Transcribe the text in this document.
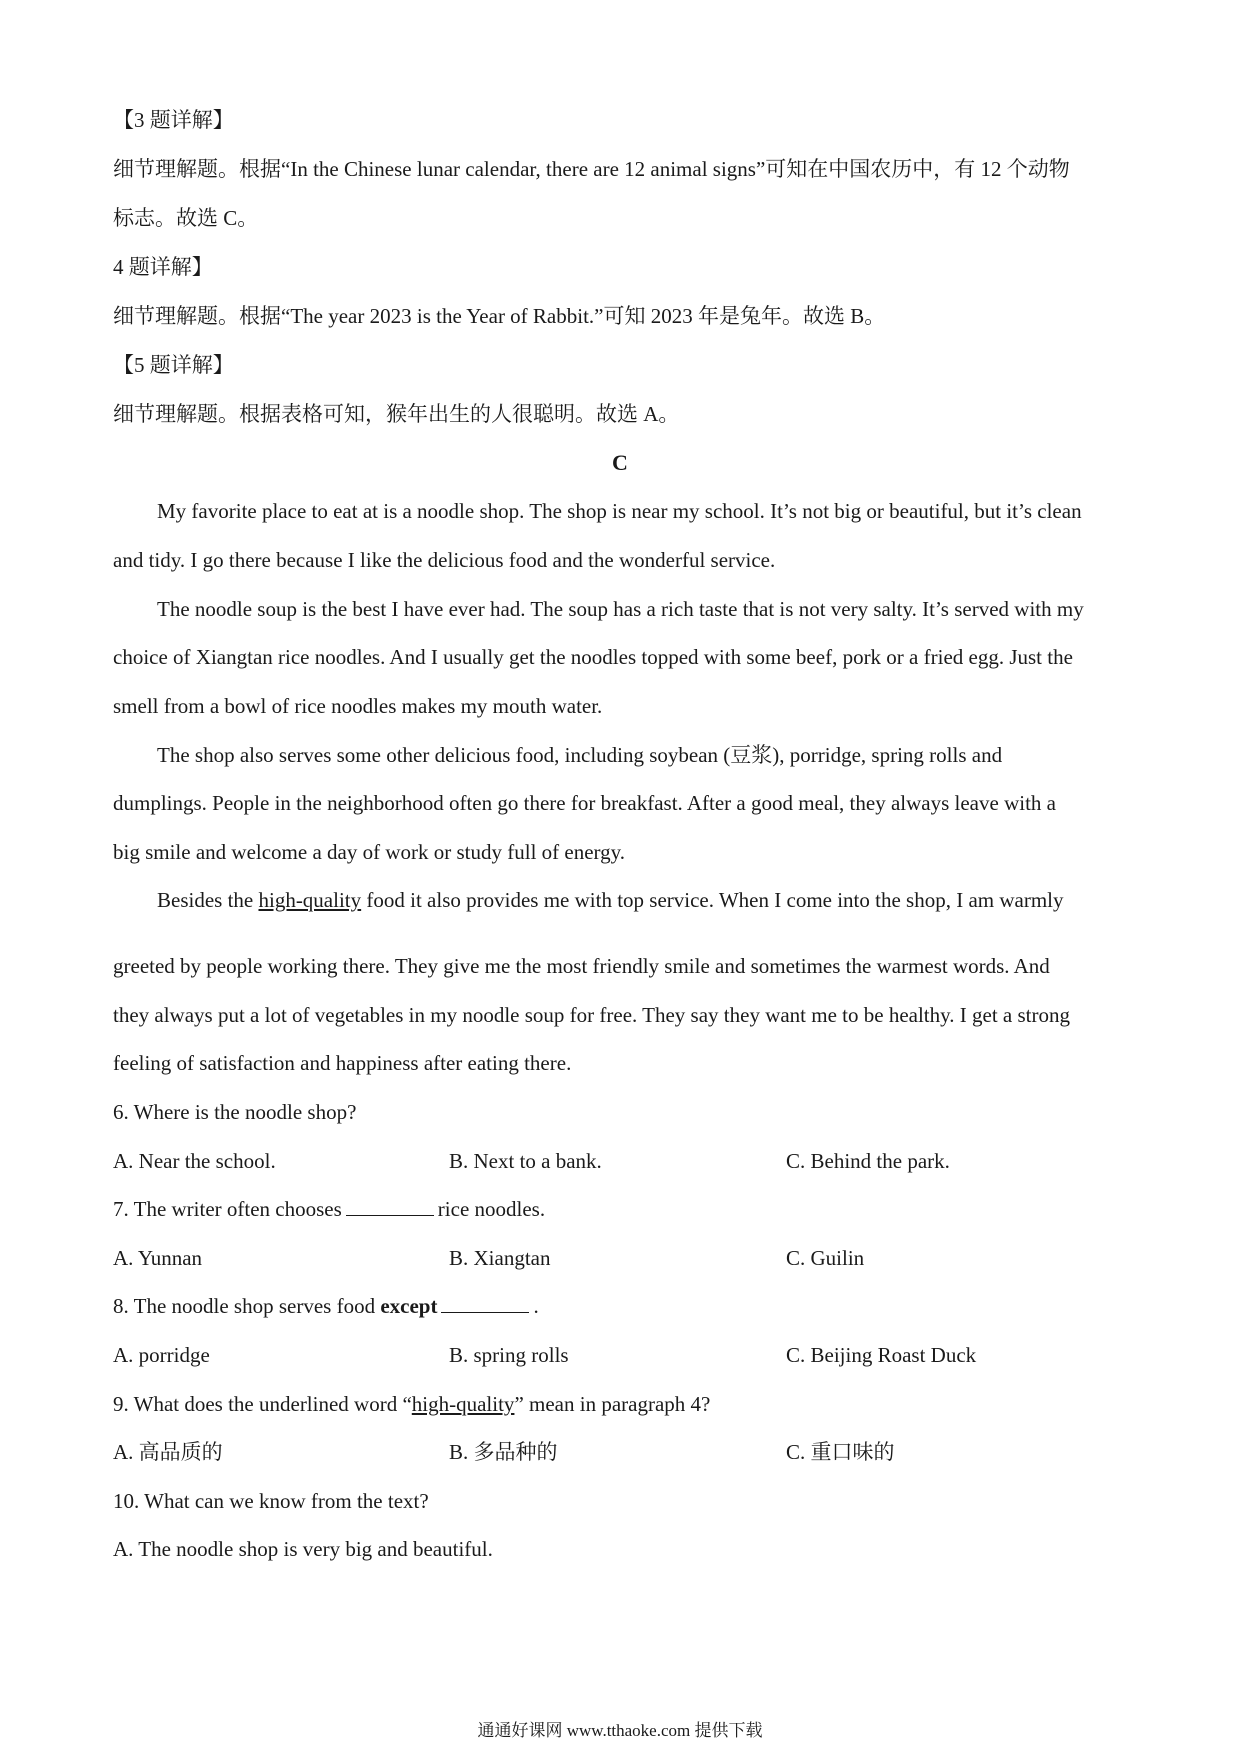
【3 题详解】
细节理解题。根据“In the Chinese lunar calendar, there are 12 animal signs”可知在中国农历中，有 12 个动物
标志。故选 C。
4 题详解】
细节理解题。根据“The year 2023 is the Year of Rabbit.”可知 2023 年是兔年。故选 B。
【5 题详解】
细节理解题。根据表格可知，猴年出生的人很聪明。故选 A。
C
My favorite place to eat at is a noodle shop. The shop is near my school. It’s not big or beautiful, but it’s clean
and tidy. I go there because I like the delicious food and the wonderful service.
The noodle soup is the best I have ever had. The soup has a rich taste that is not very salty. It’s served with my
choice of Xiangtan rice noodles. And I usually get the noodles topped with some beef, pork or a fried egg. Just the
smell from a bowl of rice noodles makes my mouth water.
The shop also serves some other delicious food, including soybean (豆浆), porridge, spring rolls and
dumplings. People in the neighborhood often go there for breakfast. After a good meal, they always leave with a
big smile and welcome a day of work or study full of energy.
Besides the high-quality food it also provides me with top service. When I come into the shop, I am warmly
greeted by people working there. They give me the most friendly smile and sometimes the warmest words. And
they always put a lot of vegetables in my noodle soup for free. They say they want me to be healthy. I get a strong
feeling of satisfaction and happiness after eating there.
6. Where is the noodle shop?
A. Near the school.	B. Next to a bank.	C. Behind the park.
7. The writer often chooses	rice noodles.
A. Yunnan	B. Xiangtan	C. Guilin
8. The noodle shop serves food except	.
A. porridge	B. spring rolls	C. Beijing Roast Duck
9. What does the underlined word “high-quality” mean in paragraph 4?
A. 高品质的	B. 多品种的	C. 重口味的
10. What can we know from the text?
A. The noodle shop is very big and beautiful.
通通好课网 www.tthaoke.com 提供下载
